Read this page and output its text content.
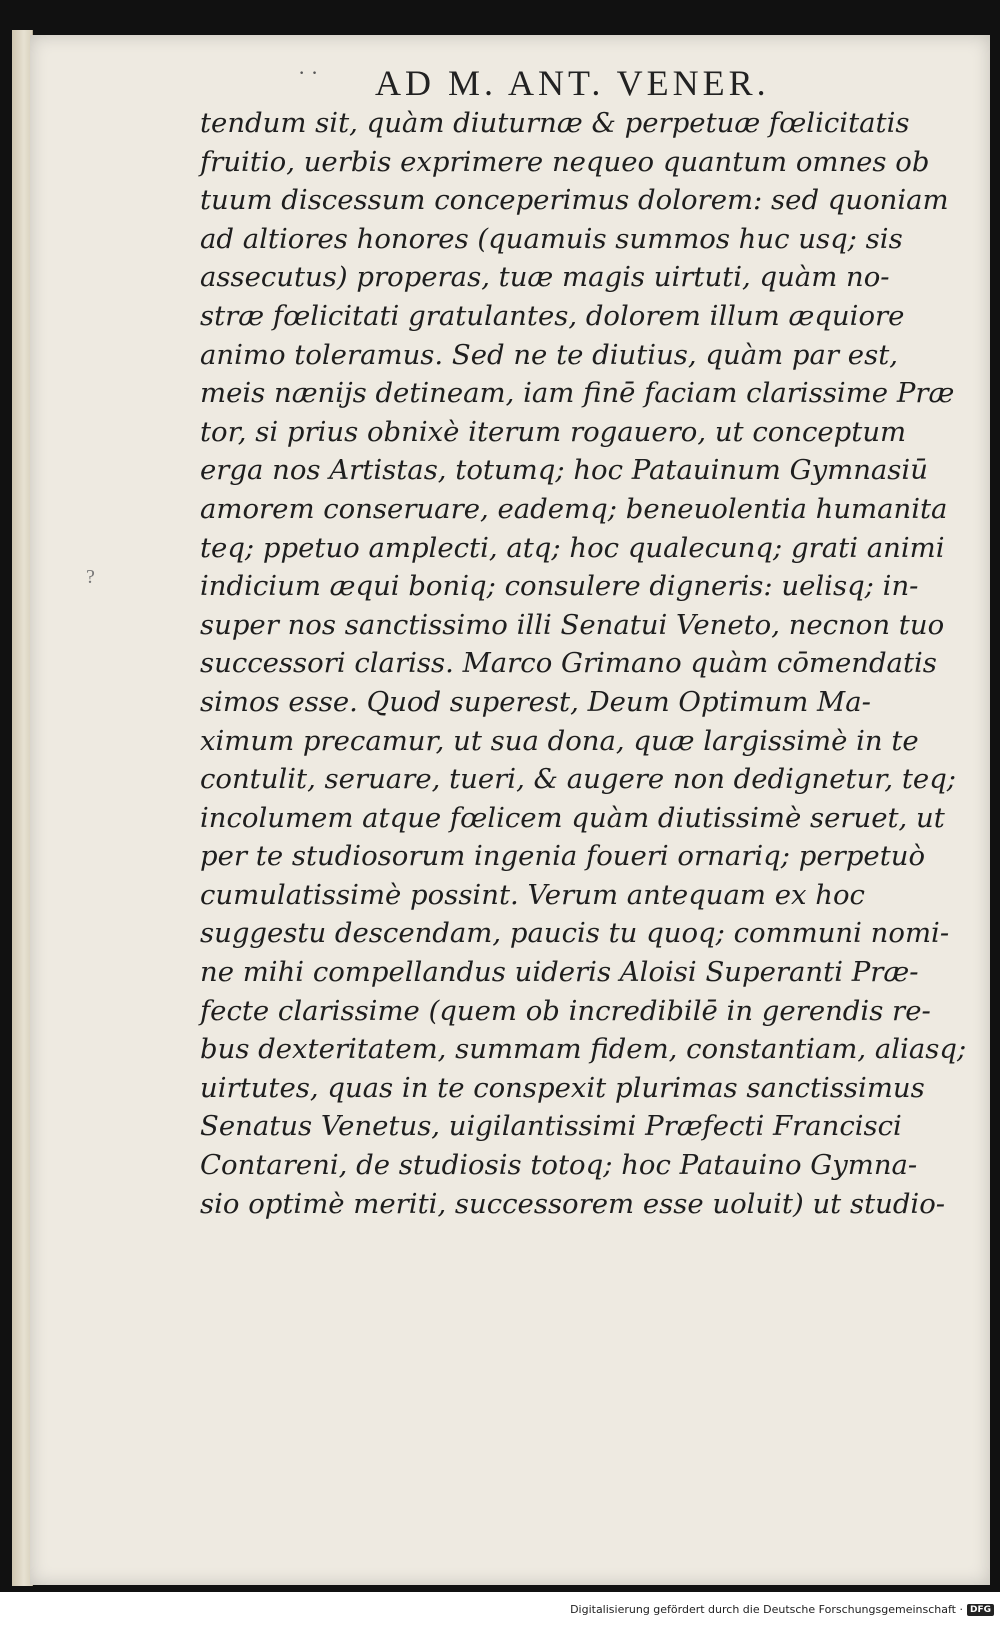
· · AD M. ANT. VENER.
?
tendum sit, quàm diuturnæ & perpetuæ fœlicitatis
fruitio, uerbis exprimere nequeo quantum omnes ob
tuum discessum conceperimus dolorem: sed quoniam
ad altiores honores (quamuis summos huc usq; sis
assecutus) properas, tuæ magis uirtuti, quàm no-
stræ fœlicitati gratulantes, dolorem illum æquiore
animo toleramus. Sed ne te diutius, quàm par est,
meis nænijs detineam, iam finē faciam clarissime Præ
tor, si prius obnixè iterum rogauero, ut conceptum
erga nos Artistas, totumq; hoc Patauinum Gymnasiū
amorem conseruare, eademq; beneuolentia humanita
teq; ppetuo amplecti, atq; hoc qualecunq; grati animi
indicium æqui boniq; consulere digneris: uelisq; in-
super nos sanctissimo illi Senatui Veneto, necnon tuo
successori clariss. Marco Grimano quàm cōmendatis
simos esse. Quod superest, Deum Optimum Ma-
ximum precamur, ut sua dona, quæ largissimè in te
contulit, seruare, tueri, & augere non dedignetur, teq;
incolumem atque fœlicem quàm diutissimè seruet, ut
per te studiosorum ingenia foueri ornariq; perpetuò
cumulatissimè possint. Verum antequam ex hoc
suggestu descendam, paucis tu quoq; communi nomi-
ne mihi compellandus uideris Aloisi Superanti Præ-
fecte clarissime (quem ob incredibilē in gerendis re-
bus dexteritatem, summam fidem, constantiam, aliasq;
uirtutes, quas in te conspexit plurimas sanctissimus
Senatus Venetus, uigilantissimi Præfecti Francisci
Contareni, de studiosis totoq; hoc Patauino Gymna-
sio optimè meriti, successorem esse uoluit) ut studio-
Digitalisierung gefördert durch die Deutsche Forschungsgemeinschaft · DFG
